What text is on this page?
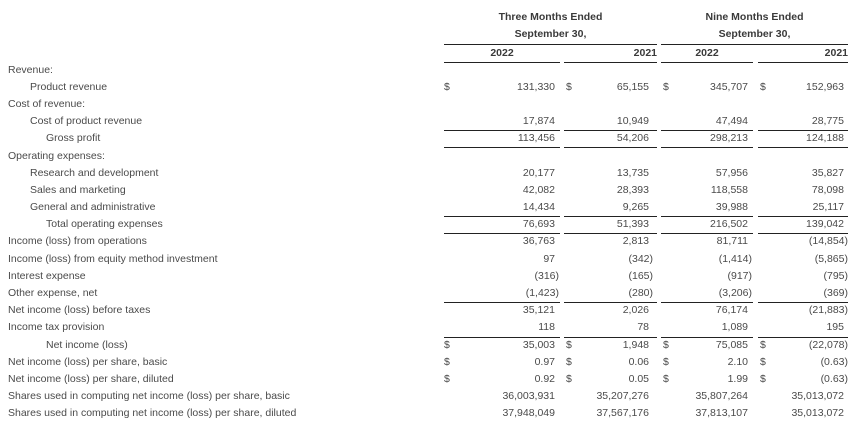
Three Months Ended
September 30,
Nine Months Ended
September 30,
2022	2021	2022	2021
Revenue:
Product revenue	$	131,330 $	65,155 $	345,707 $	152,963
Cost of revenue:
Cost of product revenue	17,874	10,949	47,494	28,775
Gross profit	113,456	54,206	298,213	124,188
Operating expenses:
Research and development	20,177	13,735	57,956	35,827
Sales and marketing	42,082	28,393	118,558	78,098
General and administrative	14,434	9,265	39,988	25,117
Total operating expenses	76,693	51,393	216,502	139,042
Income (loss) from operations	36,763	2,813	81,711	(14,854)
Income (loss) from equity method investment	97	(342)	(1,414)	(5,865)
Interest expense	(316)	(165)	(917)	(795)
Other expense, net	(1,423)	(280)	(3,206)	(369)
Net income (loss) before taxes	35,121	2,026	76,174	(21,883)
Income tax provision	118	78	1,089	195
Net income (loss)	$	35,003 $	1,948 $	75,085 $	(22,078)
Net income (loss) per share, basic	$	0.97 $	0.06 $	2.10 $	(0.63)
Net income (loss) per share, diluted	$	0.92 $	0.05 $	1.99 $	(0.63)
Shares used in computing net income (loss) per share, basic	36,003,931	35,207,276	35,807,264	35,013,072
Shares used in computing net income (loss) per share, diluted	37,948,049	37,567,176	37,813,107	35,013,072
